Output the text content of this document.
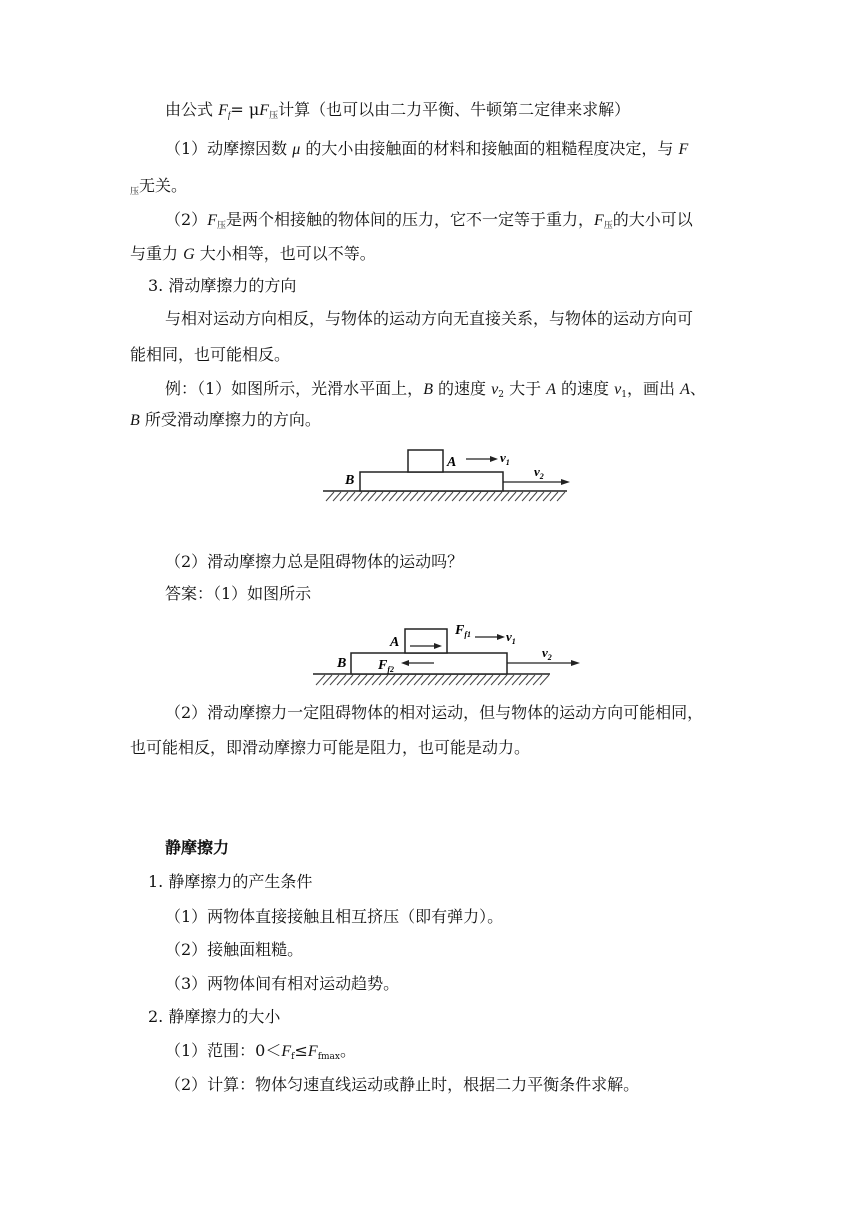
由公式 $F_f= \mu F_压$计算（也可以由二力平衡、牛顿第二定律来求解）
（1）动摩擦因数 μ 的大小由接触面的材料和接触面的粗糙程度决定，与 F
$_压$无关。
$(2)F_压$是两个相接触的物体间的压力，它不一定等于重力，$F_压$的大小可以
与重力 G 大小相等，也可以不等。
3. 滑动摩擦力的方向
与相对运动方向相反，与物体的运动方向无直接关系，与物体的运动方向可
能相同，也可能相反。
例：（1）如图所示，光滑水平面上，B 的速度 $v_2$ 大于 A 的速度 $v_1$，画出 A、
B 所受滑动摩擦力的方向。
A
B
$v_1$
$v_2$
（2）滑动摩擦力总是阻碍物体的运动吗？
答案：（1）如图所示
A
B
$F_{f1}$	$v_1$
$F_{f2}$
$v_2$
（2）滑动摩擦力一定阻碍物体的相对运动，但与物体的运动方向可能相同，
也可能相反，即滑动摩擦力可能是阻力，也可能是动力。
静摩擦力
1. 静摩擦力的产生条件
（1）两物体直接接触且相互挤压（即有弹力）。
（2）接触面粗糙。
（3）两物体间有相对运动趋势。
2. 静摩擦力的大小
（1）范围：$0<F_f\le F_{fmax}$。
（2）计算：物体匀速直线运动或静止时，根据二力平衡条件求解。
